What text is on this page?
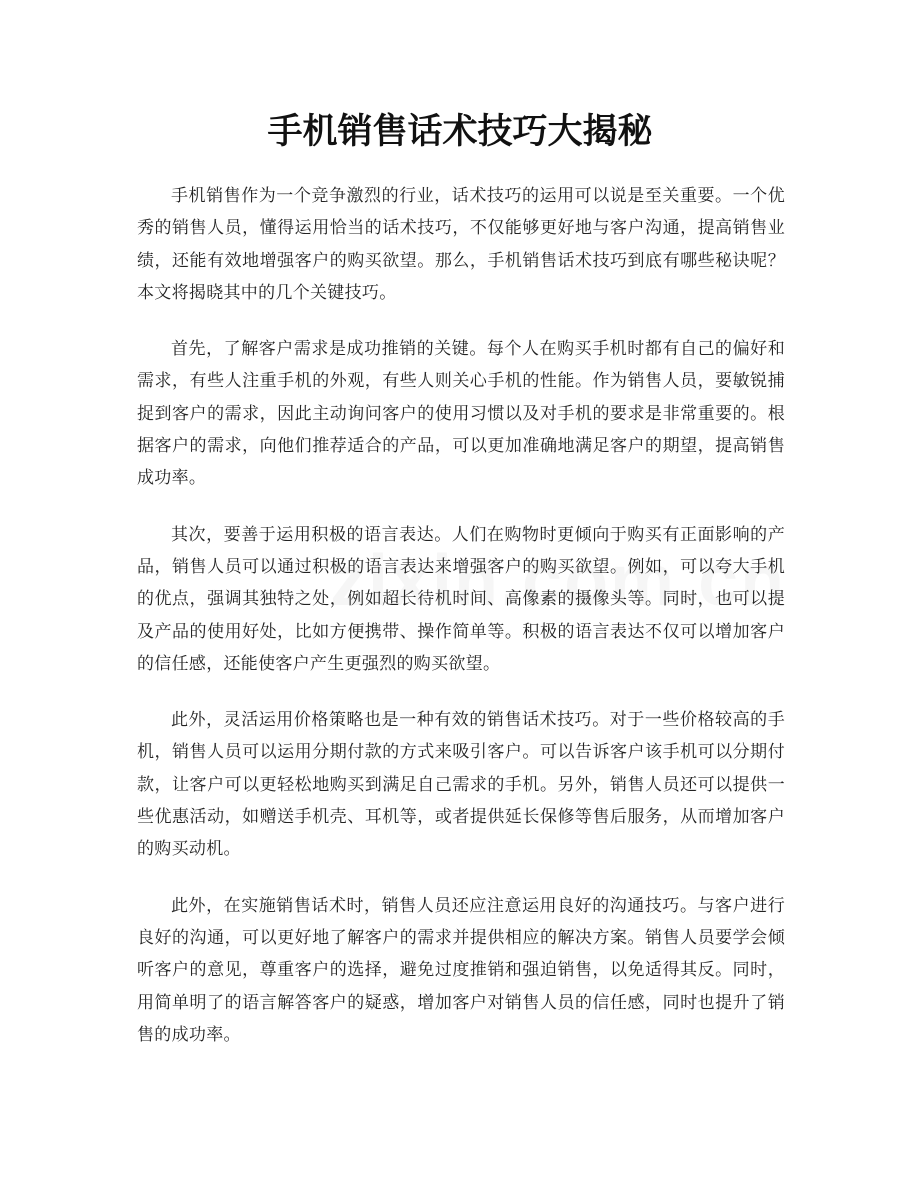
手机销售话术技巧大揭秘

手机销售作为一个竞争激烈的行业，话术技巧的运用可以说是至关重要。一个优秀的销售人员，懂得运用恰当的话术技巧，不仅能够更好地与客户沟通，提高销售业绩，还能有效地增强客户的购买欲望。那么，手机销售话术技巧到底有哪些秘诀呢？本文将揭晓其中的几个关键技巧。

首先，了解客户需求是成功推销的关键。每个人在购买手机时都有自己的偏好和需求，有些人注重手机的外观，有些人则关心手机的性能。作为销售人员，要敏锐捕捉到客户的需求，因此主动询问客户的使用习惯以及对手机的要求是非常重要的。根据客户的需求，向他们推荐适合的产品，可以更加准确地满足客户的期望，提高销售成功率。

其次，要善于运用积极的语言表达。人们在购物时更倾向于购买有正面影响的产品，销售人员可以通过积极的语言表达来增强客户的购买欲望。例如，可以夸大手机的优点，强调其独特之处，例如超长待机时间、高像素的摄像头等。同时，也可以提及产品的使用好处，比如方便携带、操作简单等。积极的语言表达不仅可以增加客户的信任感，还能使客户产生更强烈的购买欲望。

此外，灵活运用价格策略也是一种有效的销售话术技巧。对于一些价格较高的手机，销售人员可以运用分期付款的方式来吸引客户。可以告诉客户该手机可以分期付款，让客户可以更轻松地购买到满足自己需求的手机。另外，销售人员还可以提供一些优惠活动，如赠送手机壳、耳机等，或者提供延长保修等售后服务，从而增加客户的购买动机。

此外，在实施销售话术时，销售人员还应注意运用良好的沟通技巧。与客户进行良好的沟通，可以更好地了解客户的需求并提供相应的解决方案。销售人员要学会倾听客户的意见，尊重客户的选择，避免过度推销和强迫销售，以免适得其反。同时，用简单明了的语言解答客户的疑惑，增加客户对销售人员的信任感，同时也提升了销售的成功率。
